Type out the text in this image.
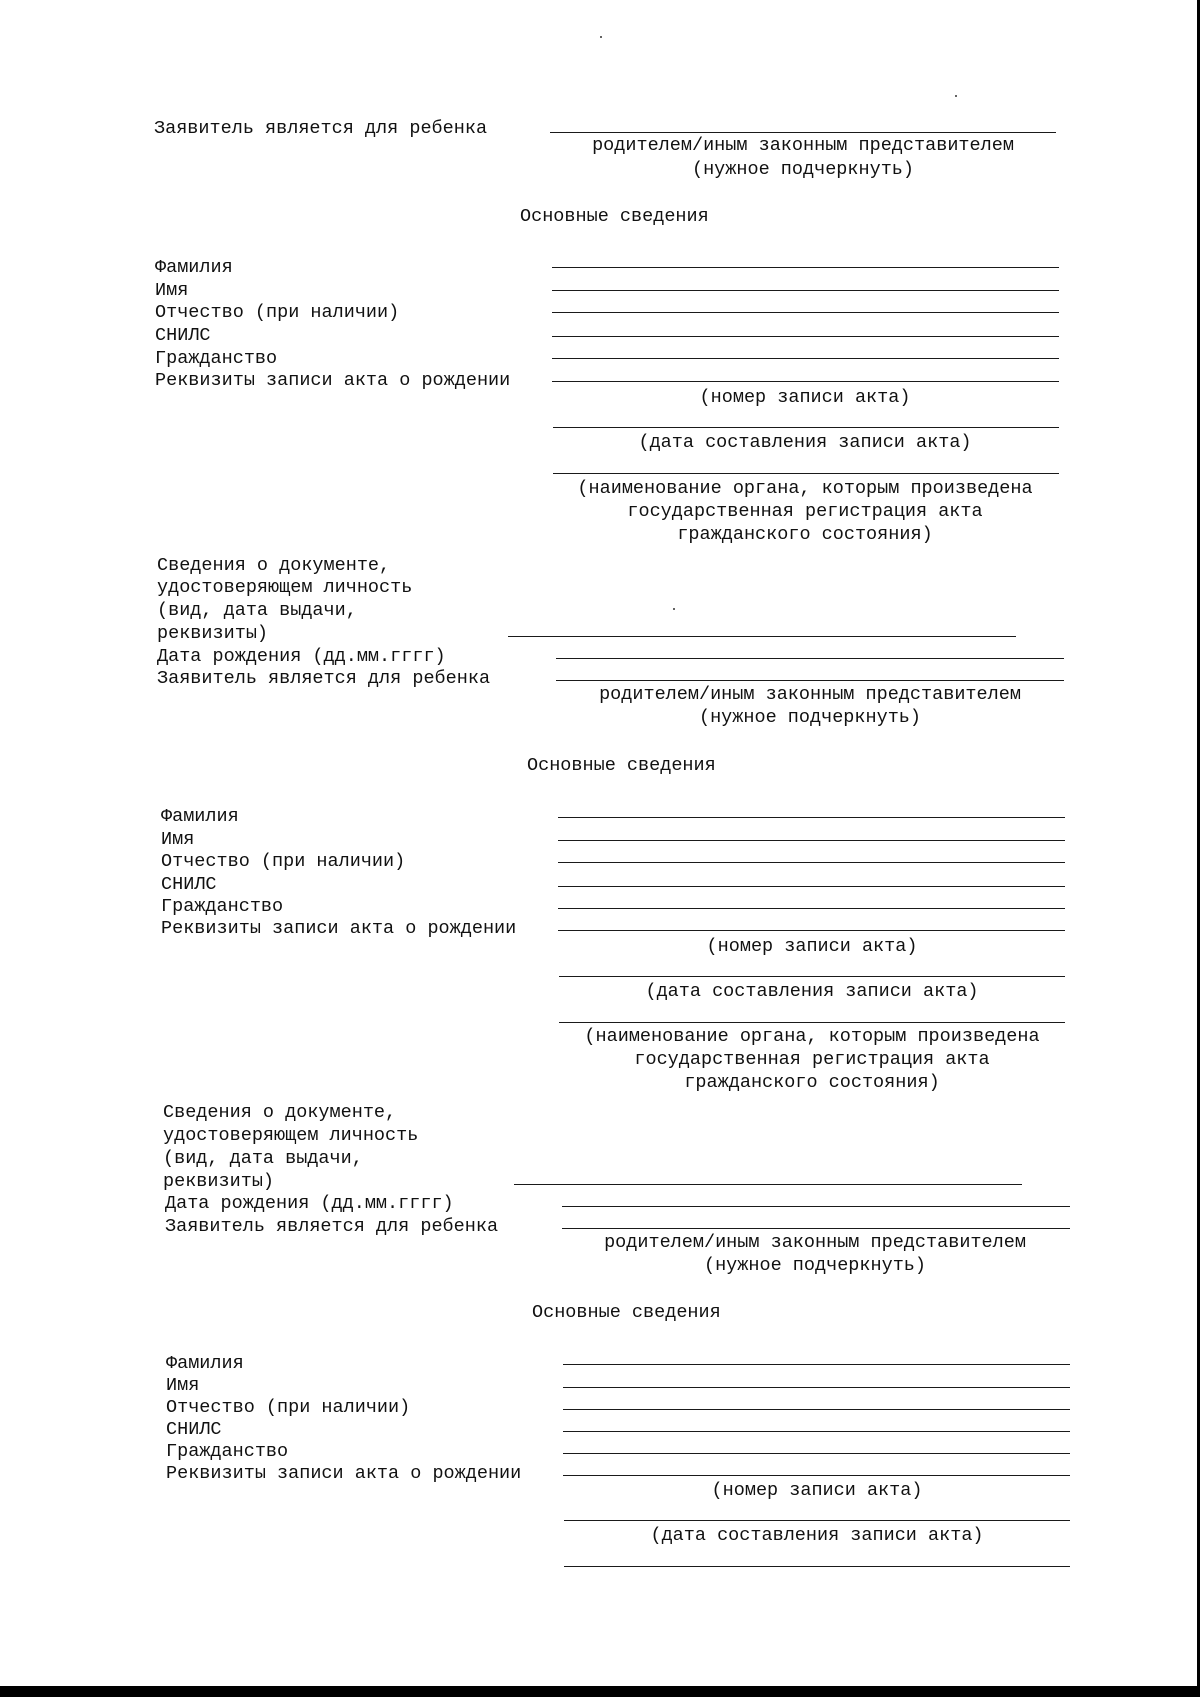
Заявитель является для ребенка
родителем/иным законным представителем
(нужное подчеркнуть)
Основные сведения
Фамилия
Имя
Отчество (при наличии)
СНИЛС
Гражданство
Реквизиты записи акта о рождении
(номер записи акта)
(дата составления записи акта)
(наименование органа, которым произведена
государственная регистрация акта
гражданского состояния)
Сведения о документе,
удостоверяющем личность
(вид, дата выдачи,
реквизиты)
Дата рождения (дд.мм.гггг)
Заявитель является для ребенка
родителем/иным законным представителем
(нужное подчеркнуть)
Основные сведения
Фамилия
Имя
Отчество (при наличии)
СНИЛС
Гражданство
Реквизиты записи акта о рождении
(номер записи акта)
(дата составления записи акта)
(наименование органа, которым произведена
государственная регистрация акта
гражданского состояния)
Сведения о документе,
удостоверяющем личность
(вид, дата выдачи,
реквизиты)
Дата рождения (дд.мм.гггг)
Заявитель является для ребенка
родителем/иным законным представителем
(нужное подчеркнуть)
Основные сведения
Фамилия
Имя
Отчество (при наличии)
СНИЛС
Гражданство
Реквизиты записи акта о рождении
(номер записи акта)
(дата составления записи акта)
